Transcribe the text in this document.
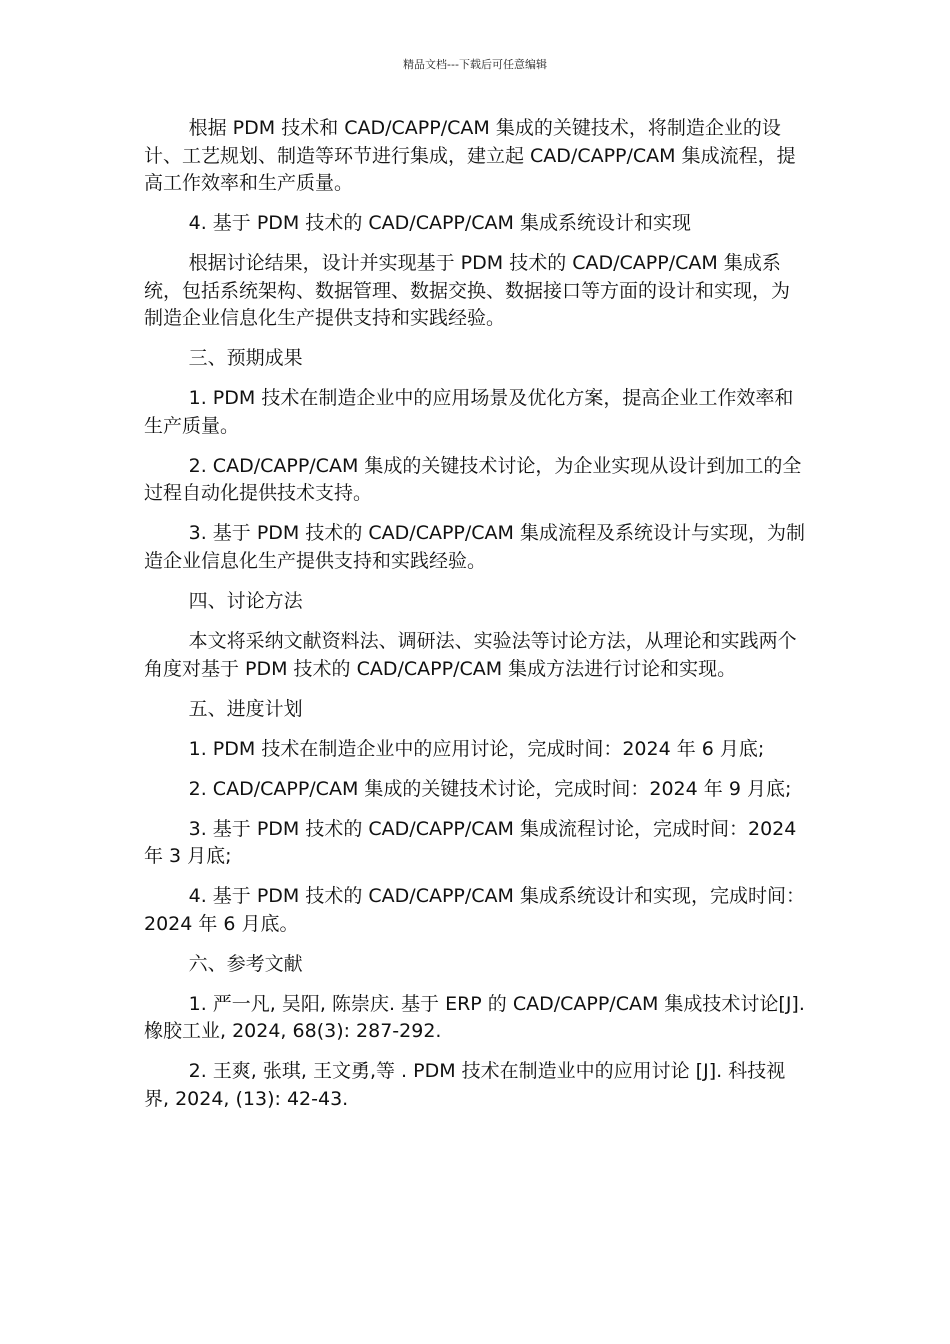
精品文档---下载后可任意编辑

根据 PDM 技术和 CAD/CAPP/CAM 集成的关键技术，将制造企业的设计、工艺规划、制造等环节进行集成，建立起 CAD/CAPP/CAM 集成流程，提高工作效率和生产质量。

4. 基于 PDM 技术的 CAD/CAPP/CAM 集成系统设计和实现

根据讨论结果，设计并实现基于 PDM 技术的 CAD/CAPP/CAM 集成系统，包括系统架构、数据管理、数据交换、数据接口等方面的设计和实现，为制造企业信息化生产提供支持和实践经验。

三、预期成果

1. PDM 技术在制造企业中的应用场景及优化方案，提高企业工作效率和生产质量。

2. CAD/CAPP/CAM 集成的关键技术讨论，为企业实现从设计到加工的全过程自动化提供技术支持。

3. 基于 PDM 技术的 CAD/CAPP/CAM 集成流程及系统设计与实现，为制造企业信息化生产提供支持和实践经验。

四、讨论方法

本文将采纳文献资料法、调研法、实验法等讨论方法，从理论和实践两个角度对基于 PDM 技术的 CAD/CAPP/CAM 集成方法进行讨论和实现。

五、进度计划

1. PDM 技术在制造企业中的应用讨论，完成时间：2024 年 6 月底;

2. CAD/CAPP/CAM 集成的关键技术讨论，完成时间：2024 年 9 月底;

3. 基于 PDM 技术的 CAD/CAPP/CAM 集成流程讨论，完成时间：2024 年 3 月底;

4. 基于 PDM 技术的 CAD/CAPP/CAM 集成系统设计和实现，完成时间：2024 年 6 月底。

六、参考文献

1. 严一凡, 吴阳, 陈崇庆. 基于 ERP 的 CAD/CAPP/CAM 集成技术讨论[J]. 橡胶工业, 2024, 68(3): 287-292.

2. 王爽, 张琪, 王文勇,等 . PDM 技术在制造业中的应用讨论 [J]. 科技视界, 2024, (13): 42-43.
